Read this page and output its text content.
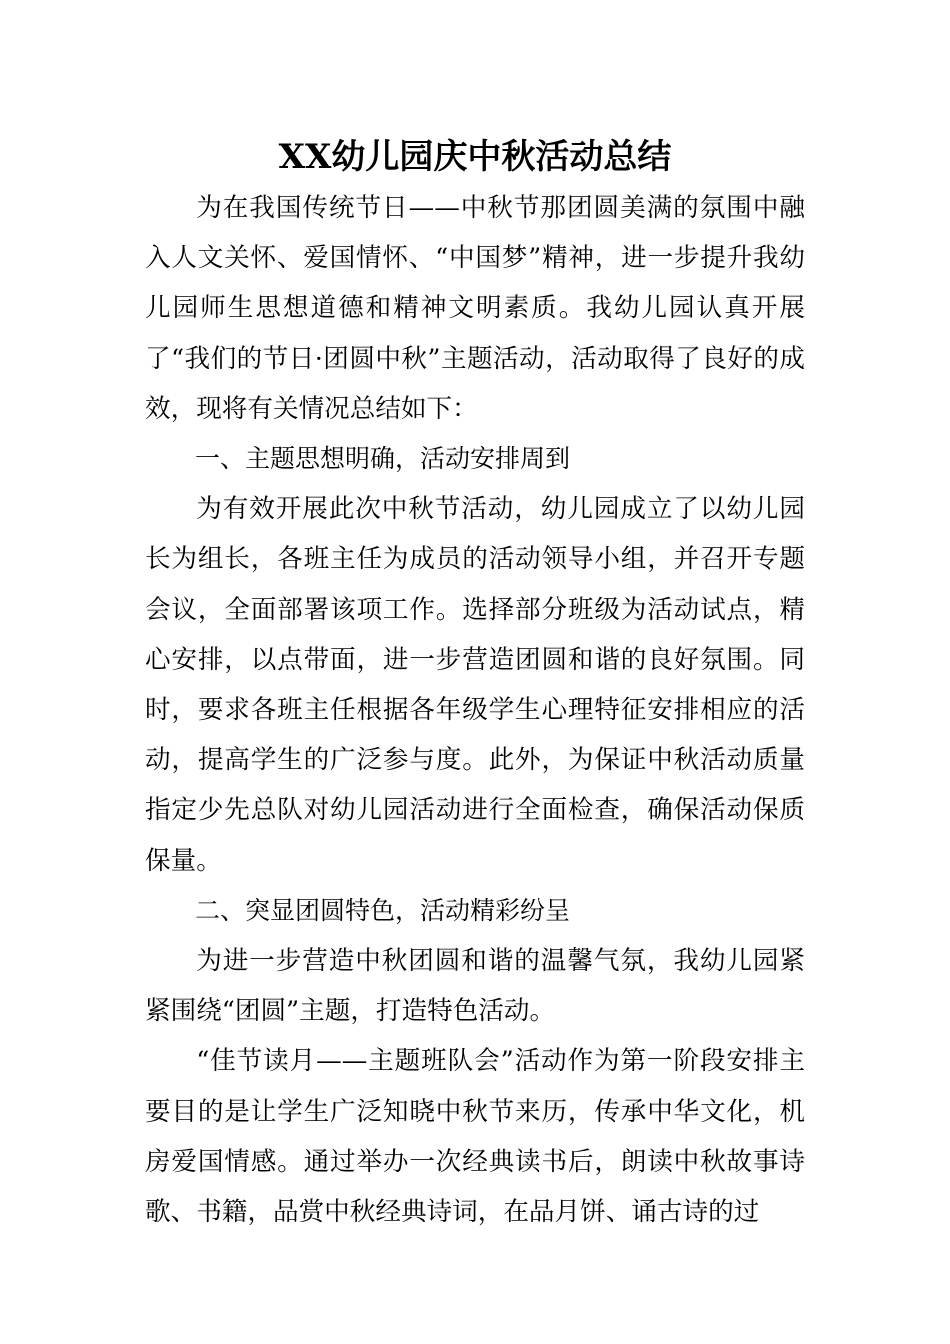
XX幼儿园庆中秋活动总结

为在我国传统节日——中秋节那团圆美满的氛围中融入人文关怀、爱国情怀、“中国梦”精神，进一步提升我幼儿园师生思想道德和精神文明素质。我幼儿园认真开展了“我们的节日·团圆中秋”主题活动，活动取得了良好的成效，现将有关情况总结如下：

一、主题思想明确，活动安排周到

为有效开展此次中秋节活动，幼儿园成立了以幼儿园长为组长，各班主任为成员的活动领导小组，并召开专题会议，全面部署该项工作。选择部分班级为活动试点，精心安排，以点带面，进一步营造团圆和谐的良好氛围。同时，要求各班主任根据各年级学生心理特征安排相应的活动，提高学生的广泛参与度。此外，为保证中秋活动质量指定少先总队对幼儿园活动进行全面检查，确保活动保质保量。

二、突显团圆特色，活动精彩纷呈

为进一步营造中秋团圆和谐的温馨气氛，我幼儿园紧紧围绕“团圆”主题，打造特色活动。

“佳节读月——主题班队会”活动作为第一阶段安排主要目的是让学生广泛知晓中秋节来历，传承中华文化，机房爱国情感。通过举办一次经典读书后，朗读中秋故事诗歌、书籍，品赏中秋经典诗词，在品月饼、诵古诗的过
